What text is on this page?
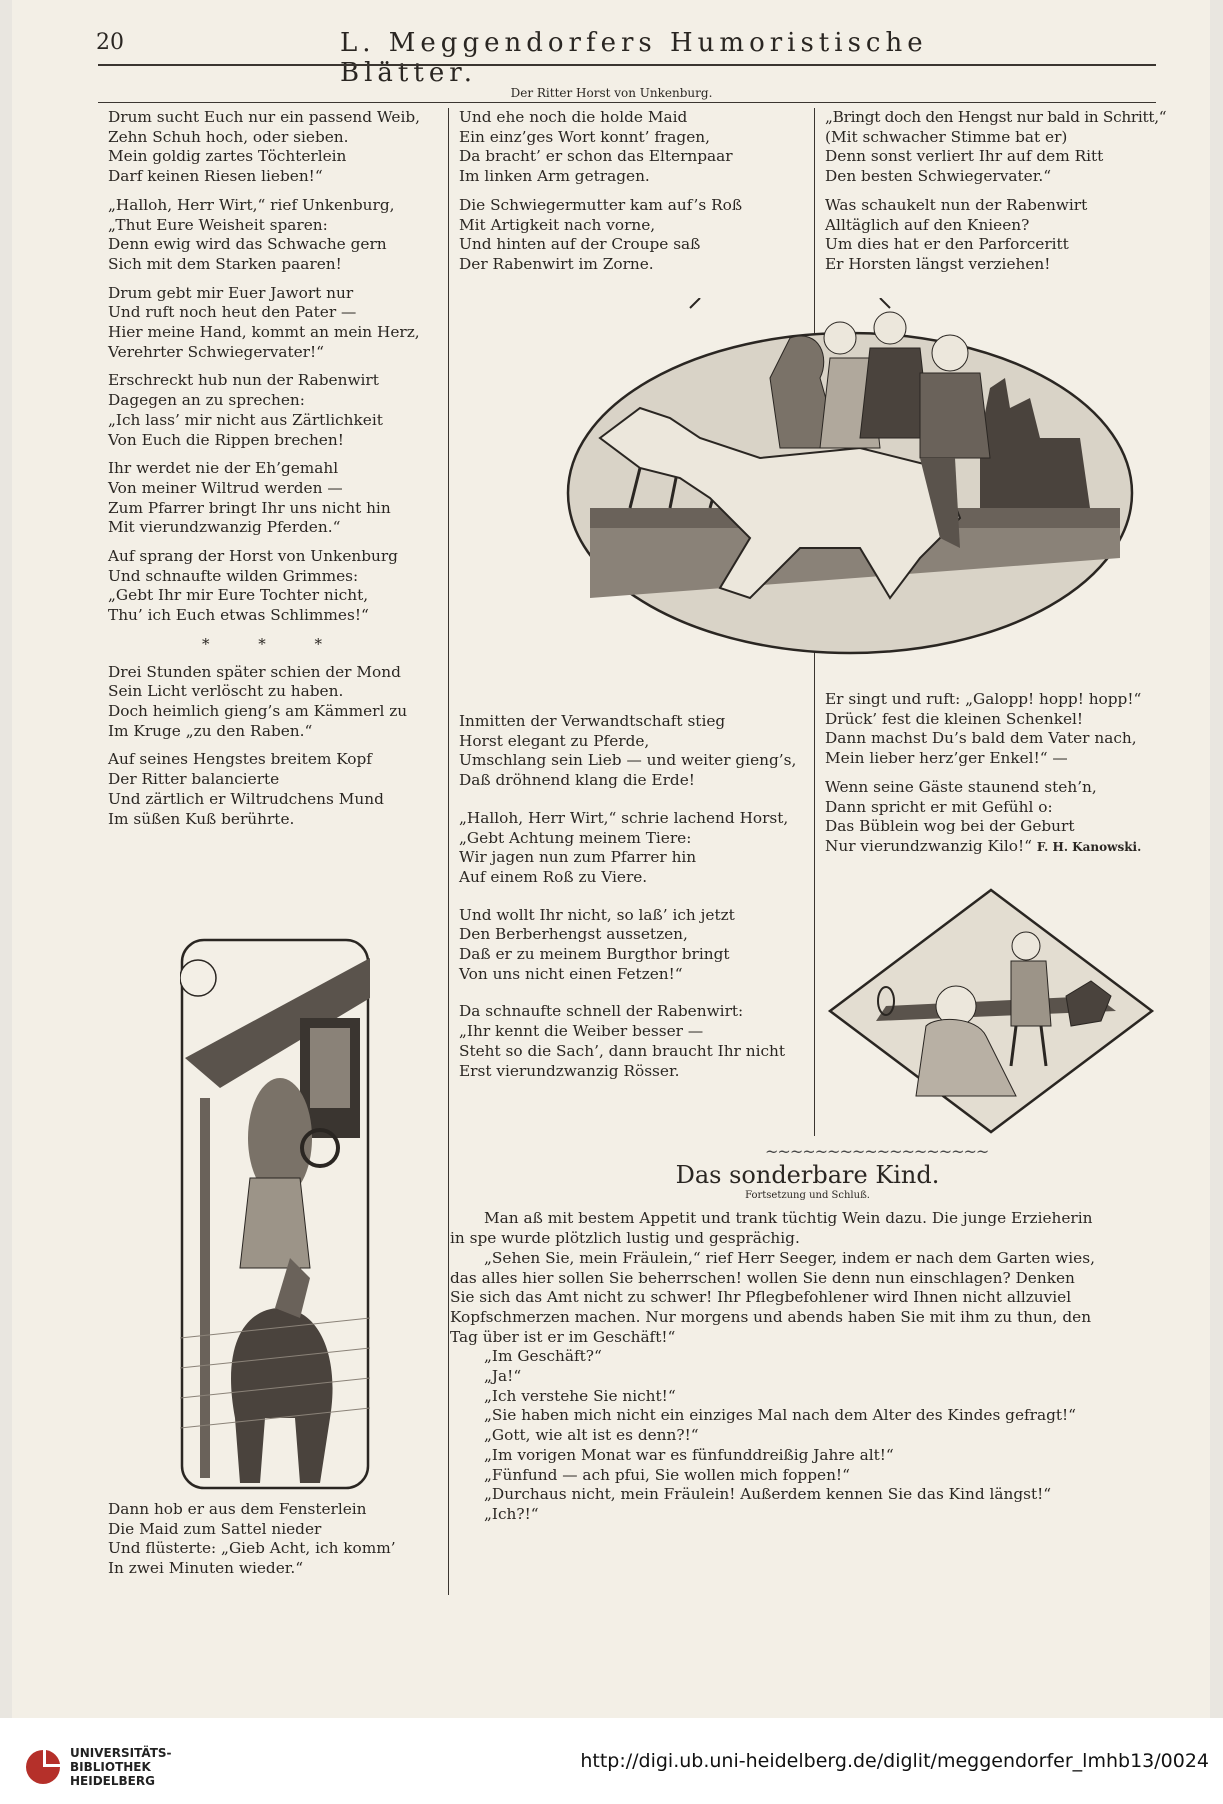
20	L. Meggendorfers Humoristische Blätter.
Der Ritter Horst von Unkenburg.

Drum sucht Euch nur ein passend Weib,

Zehn Schuh hoch, oder sieben.

Mein goldig zartes Töchterlein

Darf keinen Riesen lieben!“

„Halloh, Herr Wirt,“ rief Unkenburg,

„Thut Eure Weisheit sparen:

Denn ewig wird das Schwache gern

Sich mit dem Starken paaren!

Drum gebt mir Euer Jawort nur

Und ruft noch heut den Pater —

Hier meine Hand, kommt an mein Herz,

Verehrter Schwiegervater!“

Erschreckt hub nun der Rabenwirt

Dagegen an zu sprechen:

„Ich lass’ mir nicht aus Zärtlichkeit

Von Euch die Rippen brechen!

Ihr werdet nie der Eh’gemahl

Von meiner Wiltrud werden —

Zum Pfarrer bringt Ihr uns nicht hin

Mit vierundzwanzig Pferden.“

Auf sprang der Horst von Unkenburg

Und schnaufte wilden Grimmes:

„Gebt Ihr mir Eure Tochter nicht,

Thu’ ich Euch etwas Schlimmes!“

* * *

Drei Stunden später schien der Mond

Sein Licht verlöscht zu haben.

Doch heimlich gieng’s am Kämmerl zu

Im Kruge „zu den Raben.“

Auf seines Hengstes breitem Kopf

Der Ritter balancierte

Und zärtlich er Wiltrudchens Mund

Im süßen Kuß berührte.

Dann hob er aus dem Fensterlein

Die Maid zum Sattel nieder

Und flüsterte: „Gieb Acht, ich komm’

In zwei Minuten wieder.“

Und ehe noch die holde Maid

Ein einz’ges Wort konnt’ fragen,

Da bracht’ er schon das Elternpaar

Im linken Arm getragen.

Die Schwiegermutter kam auf’s Roß

Mit Artigkeit nach vorne,

Und hinten auf der Croupe saß

Der Rabenwirt im Zorne.

„Bringt doch den Hengst nur bald in Schritt,“

(Mit schwacher Stimme bat er)

Denn sonst verliert Ihr auf dem Ritt

Den besten Schwiegervater.“

Was schaukelt nun der Rabenwirt

Alltäglich auf den Knieen?

Um dies hat er den Parforceritt

Er Horsten längst verziehen!

Inmitten der Verwandtschaft stieg

Horst elegant zu Pferde,

Umschlang sein Lieb — und weiter gieng’s,

Daß dröhnend klang die Erde!

„Halloh, Herr Wirt,“ schrie lachend Horst,

„Gebt Achtung meinem Tiere:

Wir jagen nun zum Pfarrer hin

Auf einem Roß zu Viere.

Und wollt Ihr nicht, so laß’ ich jetzt

Den Berberhengst aussetzen,

Daß er zu meinem Burgthor bringt

Von uns nicht einen Fetzen!“

Da schnaufte schnell der Rabenwirt:

„Ihr kennt die Weiber besser —

Steht so die Sach’, dann braucht Ihr nicht

Erst vierundzwanzig Rösser.

Er singt und ruft: „Galopp! hopp! hopp!“

Drück’ fest die kleinen Schenkel!

Dann machst Du’s bald dem Vater nach,

Mein lieber herz’ger Enkel!“ —

Wenn seine Gäste staunend steh’n,

Dann spricht er mit Gefühl o:

Das Büblein wog bei der Geburt

Nur vierundzwanzig Kilo!“ F. H. Kanowski.

~~~~~~~~~~~~~~~~~~
Das sonderbare Kind.
Fortsetzung und Schluß.

Man aß mit bestem Appetit und trank tüchtig Wein dazu. Die junge Erzieherin

in spe wurde plötzlich lustig und gesprächig.

„Sehen Sie, mein Fräulein,“ rief Herr Seeger, indem er nach dem Garten wies,

das alles hier sollen Sie beherrschen! wollen Sie denn nun einschlagen? Denken

Sie sich das Amt nicht zu schwer! Ihr Pflegbefohlener wird Ihnen nicht allzuviel

Kopfschmerzen machen. Nur morgens und abends haben Sie mit ihm zu thun, den

Tag über ist er im Geschäft!“

„Im Geschäft?“

„Ja!“

„Ich verstehe Sie nicht!“

„Sie haben mich nicht ein einziges Mal nach dem Alter des Kindes gefragt!“

„Gott, wie alt ist es denn?!“

„Im vorigen Monat war es fünfunddreißig Jahre alt!“

„Fünfund — ach pfui, Sie wollen mich foppen!“

„Durchaus nicht, mein Fräulein! Außerdem kennen Sie das Kind längst!“

„Ich?!“

UNIVERSITÄTS-
BIBLIOTHEK
HEIDELBERG
http://digi.ub.uni-heidelberg.de/diglit/meggendorfer_lmhb13/0024
